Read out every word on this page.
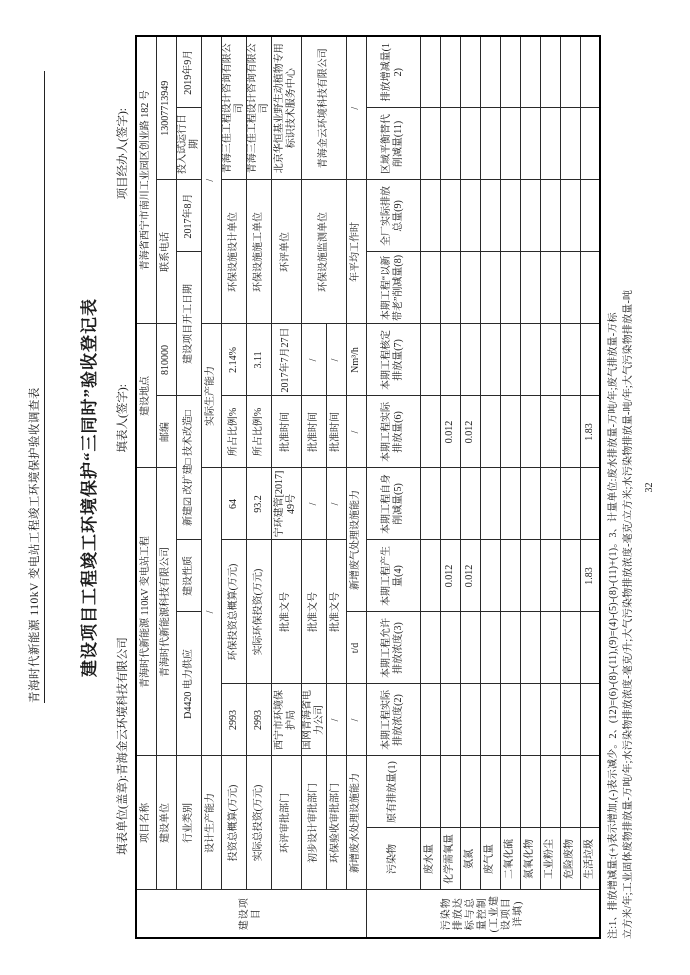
青海时代新能源 110kV 变电站工程竣工环境保护验收调查表 建设项目工程竣工环境保护“三同时”验收登记表
填表单位(盖章):青海金云环境科技有限公司
填表人(签字):
项目经办人(签字):
建设项目	项目名称		青海时代新能源 110kV 变电站工程				建设地点		青海省西宁市南川工业园区创业路 182 号			
	建设单位		青海时代新能源科技有限公司				邮编	810000	联系电话		13007713949	
	行业类别		D4420 电力供应		建设性质	新建☑ 改扩建□ 技术改造□		建设项目开工日期		2017年8月	投入试运行日期	2019年9月
	设计生产能力		/				实际生产能力		/			
	投资总概算(万元)		2993	环保投资总概算(万元)		64	所占比例%	2.14%	环保设施设计单位		青海三佳工程设计咨询有限公司	
	实际总投资(万元)		2993	实际环保投资(万元)		93.2	所占比例%	3.11	环保设施施工单位		青海三佳工程设计咨询有限公司	
	环评审批部门		西宁市环境保护局	批准文号		宁环建管[2017]49号	批准时间	2017年7月27日	环评单位		北京华恒基业野生动植物专用标识技术服务中心	
	初步设计审批部门		国网青海省电力公司	批准文号		/	批准时间	/	环保设施监测单位		青海金云环境科技有限公司	
	环保验收审批部门		/	批准文号		/	批准时间	/				
	新增废水处理设施能力		/	t/d	新增废气处理设施能力		/	Nm³/h	年平均工作时		/	
污染物排放达标与总量控制(工业建设项目详填)	污染物	原有排放量(1)	本期工程实际排放浓度(2)	本期工程允许排放浓度(3)	本期工程产生量(4)	本期工程自身削减量(5)	本期工程实际排放量(6)	本期工程核定排放量(7)	本期工程“以新带老”削减量(8)	全厂实际排放总量(9)	区域平衡替代削减量(11)	排放增减量(12)
	废水量											
	化学需氧量				0.012		0.012					
	氨氮				0.012		0.012					
	废气量											
	二氧化硫											
	氮氧化物											
	工业粉尘											
	危险废物											
	生活垃圾				1.83		1.83					注:1、排放增减量:(+)表示增加,(-)表示减少。2、(12)=(6)-(8)-(11),(9)=(4)-(5)-(8)-(11)+(1)。3、计量单位:废水排放量-万吨/年;废气排放量-万标 立方米/年;工业固体废物排放量-万吨/年;水污染物排放浓度-毫克/升;大气污染物排放浓度-毫克/立方米;水污染物排放量-吨/年;大气污染物排放量-吨 32
